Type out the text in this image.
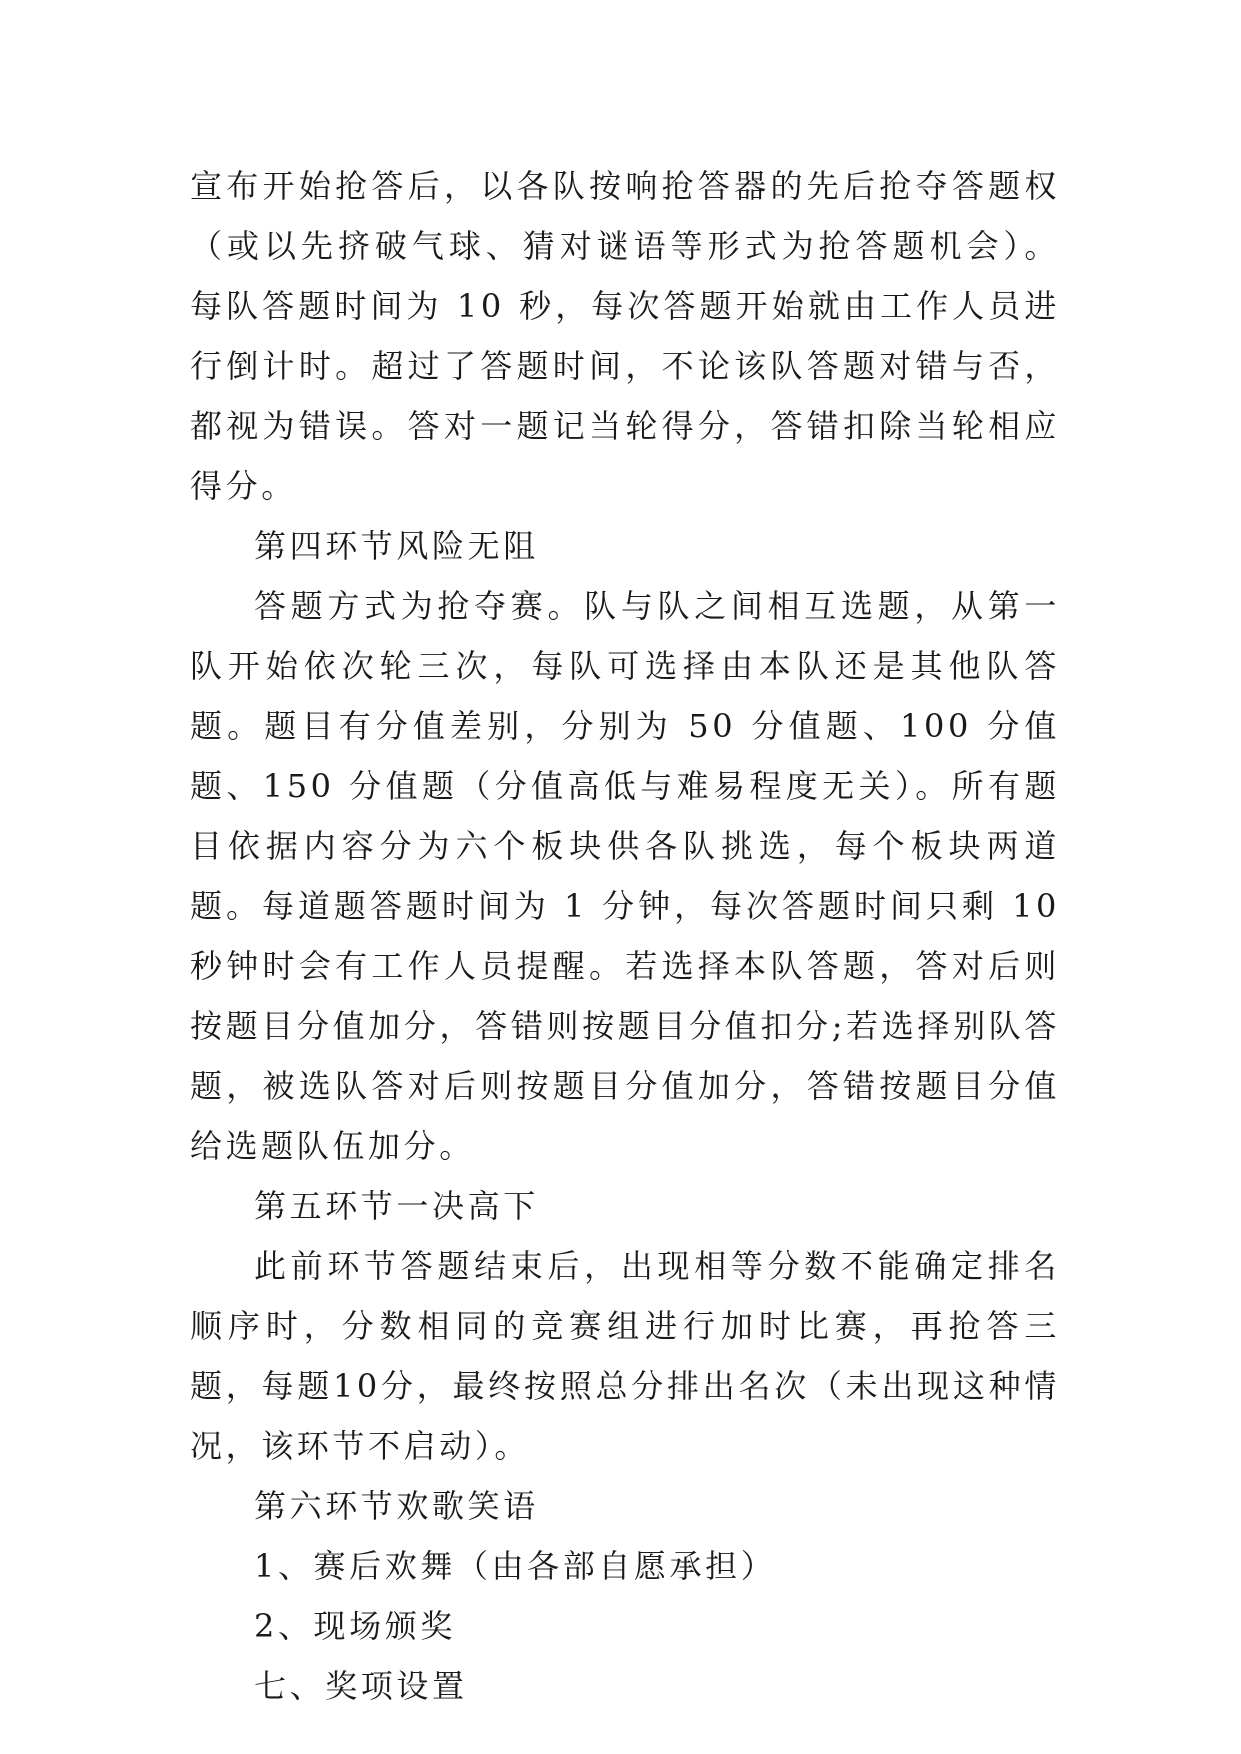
宣布开始抢答后，以各队按响抢答器的先后抢夺答题权（或以先挤破气球、猜对谜语等形式为抢答题机会）。每队答题时间为 10 秒，每次答题开始就由工作人员进行倒计时。超过了答题时间，不论该队答题对错与否，都视为错误。答对一题记当轮得分，答错扣除当轮相应得分。

第四环节风险无阻

答题方式为抢夺赛。队与队之间相互选题，从第一队开始依次轮三次，每队可选择由本队还是其他队答题。题目有分值差别，分别为 50 分值题、100 分值题、150 分值题（分值高低与难易程度无关）。所有题目依据内容分为六个板块供各队挑选，每个板块两道题。每道题答题时间为 1 分钟，每次答题时间只剩 10 秒钟时会有工作人员提醒。若选择本队答题，答对后则按题目分值加分，答错则按题目分值扣分;若选择别队答题，被选队答对后则按题目分值加分，答错按题目分值给选题队伍加分。

第五环节一决高下

此前环节答题结束后，出现相等分数不能确定排名顺序时，分数相同的竞赛组进行加时比赛，再抢答三题，每题10分，最终按照总分排出名次（未出现这种情况，该环节不启动）。

第六环节欢歌笑语

1、赛后欢舞（由各部自愿承担）

2、现场颁奖

七、奖项设置
